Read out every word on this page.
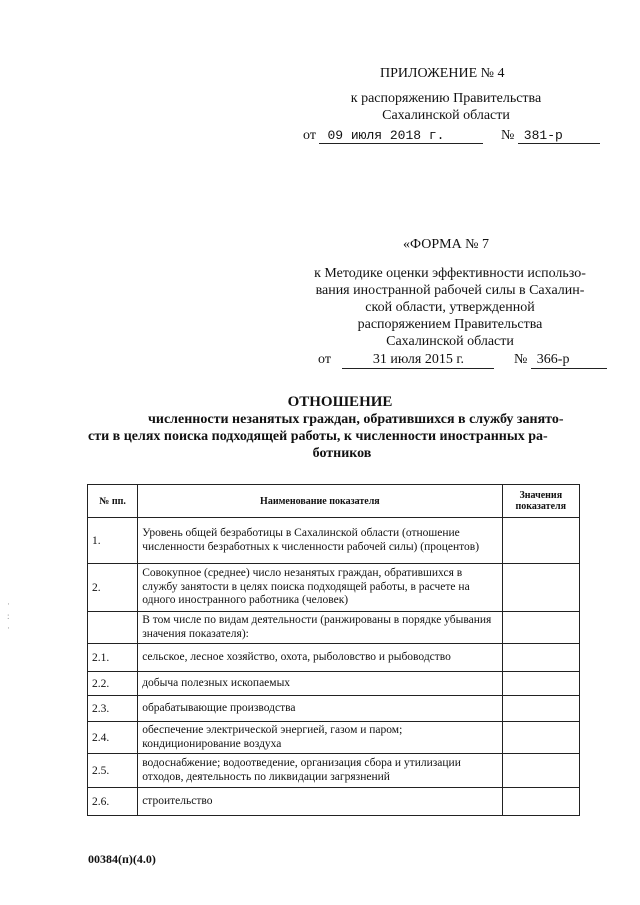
ПРИЛОЖЕНИЕ № 4
к распоряжению Правительства
Сахалинской области
от 09 июля 2018 г.	№ 381-р
«ФОРМА № 7
к Методике оценки эффективности использо-
вания иностранной рабочей силы в Сахалин-
ской области, утвержденной
распоряжением Правительства
Сахалинской области
от	31 июля 2015 г.	№ 366-р
ОТНОШЕНИЕ
численности незанятых граждан, обратившихся в службу занято-
сти в целях поиска подходящей работы, к численности иностранных ра-
ботников
№ пп.	Наименование показателя	Значения показателя
1.	Уровень общей безработицы в Сахалинской области (отношение численности безработных к численности рабочей силы) (процентов)	
2.	Совокупное (среднее) число незанятых граждан, обратившихся в службу занятости в целях поиска подходящей работы, в расчете на одного иностранного работника (человек)	
	В том числе по видам деятельности (ранжированы в порядке убывания значения показателя):	
2.1.	сельское, лесное хозяйство, охота, рыболовство и рыбоводство	
2.2.	добыча полезных ископаемых	
2.3.	обрабатывающие производства	
2.4.	обеспечение электрической энергией, газом и паром; кондиционирование воздуха	
2.5.	водоснабжение; водоотведение, организация сбора и утилизации отходов, деятельность по ликвидации загрязнений	
2.6.	строительство	
00384(п)(4.0)
·
:
·
